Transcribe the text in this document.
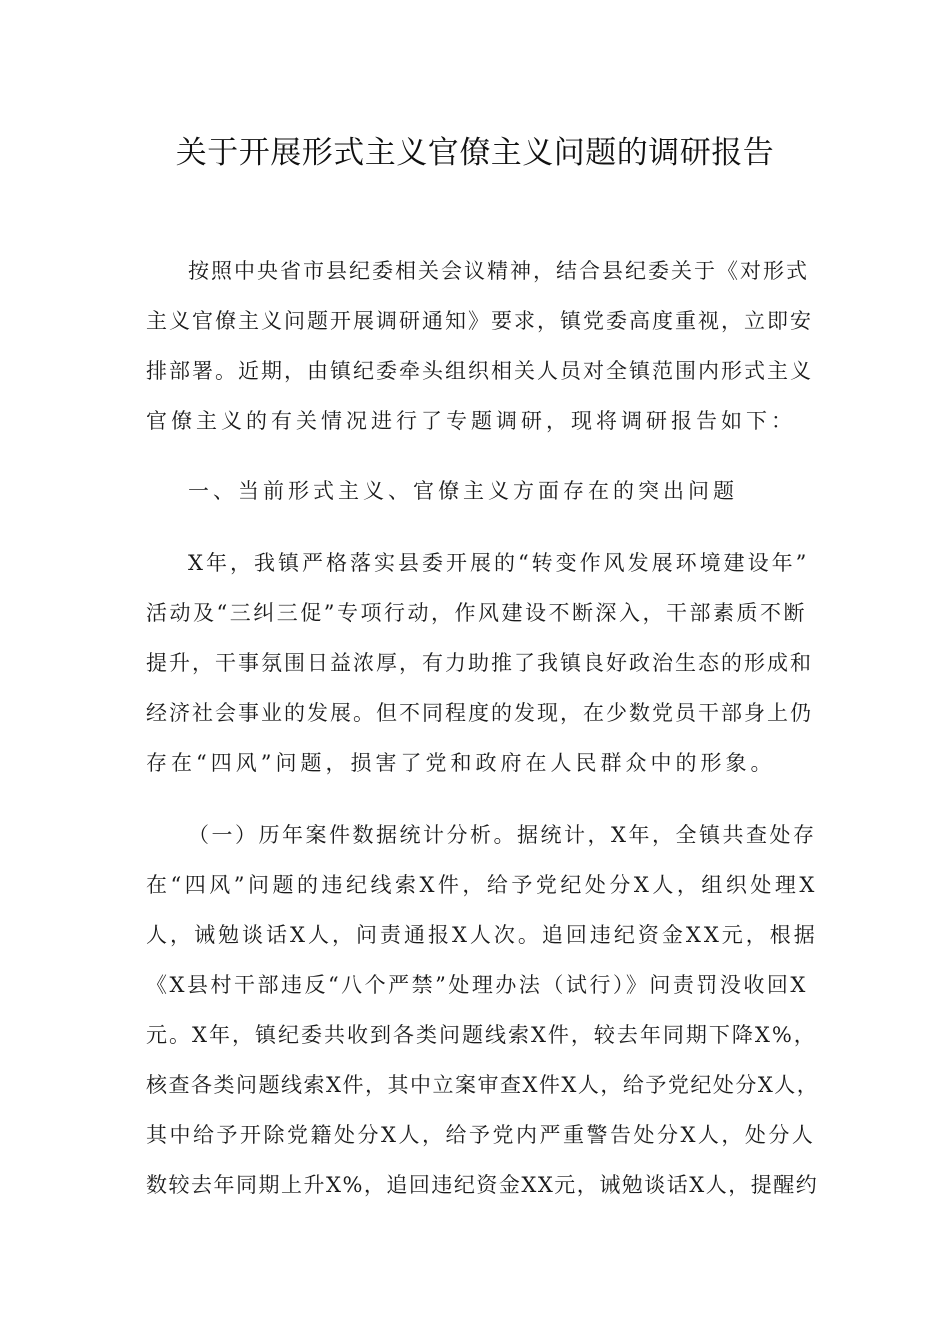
关于开展形式主义官僚主义问题的调研报告
按照中央省市县纪委相关会议精神，结合县纪委关于《对形式
主义官僚主义问题开展调研通知》要求，镇党委高度重视，立即安
排部署。近期，由镇纪委牵头组织相关人员对全镇范围内形式主义
官僚主义的有关情况进行了专题调研，现将调研报告如下：
一、当前形式主义、官僚主义方面存在的突出问题
X年，我镇严格落实县委开展的“转变作风发展环境建设年”
活动及“三纠三促”专项行动，作风建设不断深入，干部素质不断
提升，干事氛围日益浓厚，有力助推了我镇良好政治生态的形成和
经济社会事业的发展。但不同程度的发现，在少数党员干部身上仍
存在“四风”问题，损害了党和政府在人民群众中的形象。
（一）历年案件数据统计分析。据统计，X年，全镇共查处存
在“四风”问题的违纪线索X件，给予党纪处分X人，组织处理X
人，诫勉谈话X人，问责通报X人次。追回违纪资金XX元，根据
《X县村干部违反“八个严禁”处理办法（试行）》问责罚没收回X
元。X年，镇纪委共收到各类问题线索X件，较去年同期下降X%，
核查各类问题线索X件，其中立案审查X件X人，给予党纪处分X人，
其中给予开除党籍处分X人，给予党内严重警告处分X人，处分人
数较去年同期上升X%，追回违纪资金XX元，诫勉谈话X人，提醒约
